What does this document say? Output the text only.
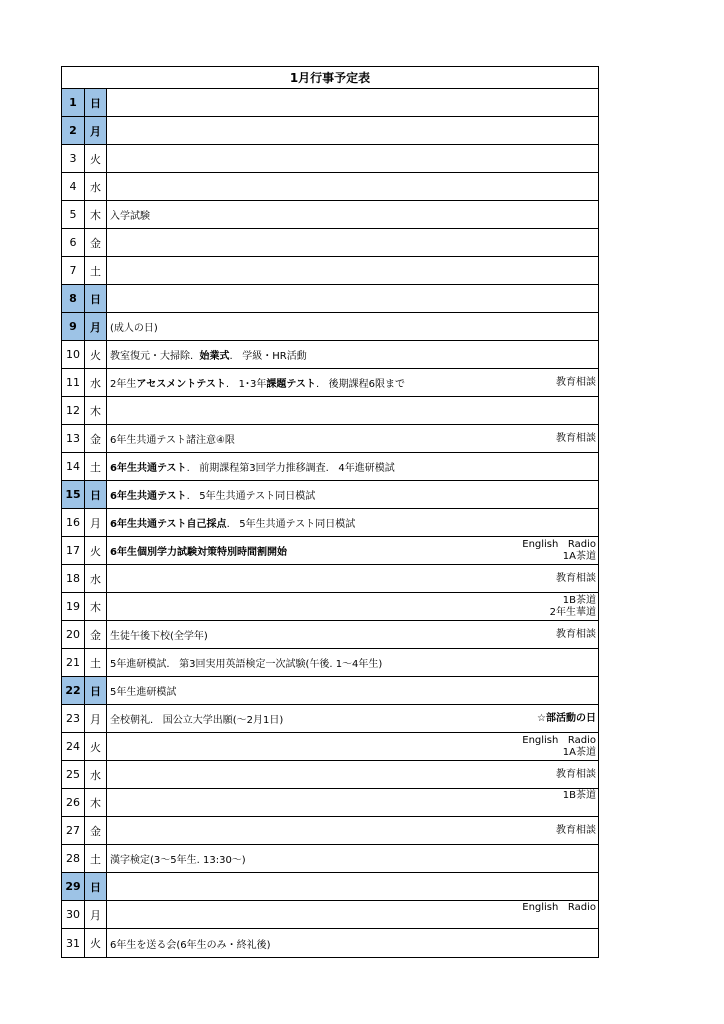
1月行事予定表
1	日
2	月
3	火
4	水
5	木 入学試験
6	金
7	土
8	日
9	月 (成人の日)
10 火 教室復元・大掃除. 始業式 .   学級・HR活動
11 水 2年生 アセスメントテスト .   1･3年 課題テスト .   後期課程6限まで	教育相談
12 木
13 金 6年生共通テスト諸注意④限	教育相談
14 土 6年生共通テスト .   前期課程第3回学力推移調査.   4年進研模試
15 日 6年生共通テスト .   5年生共通テスト同日模試
16 月 6年生共通テスト自己採点 .   5年生共通テスト同日模試
17 火 6年生個別学力試験対策特別時間割開始
English   Radio
1A茶道
18 水	教育相談
19 木
1B茶道
2年生華道
20 金 生徒午後下校(全学年)	教育相談
21 土 5年進研模試.   第3回実用英語検定一次試験(午後. 1～4年生)
22 日 5年生進研模試
23 月 全校朝礼.   国公立大学出願(～2月1日)	☆部活動の日
24 火
English   Radio
1A茶道
25 水	教育相談
26 木
1B茶道
27 金	教育相談
28 土 漢字検定(3～5年生. 13:30～)
29 日
30 月
English   Radio
31 火 6年生を送る会(6年生のみ・終礼後)
